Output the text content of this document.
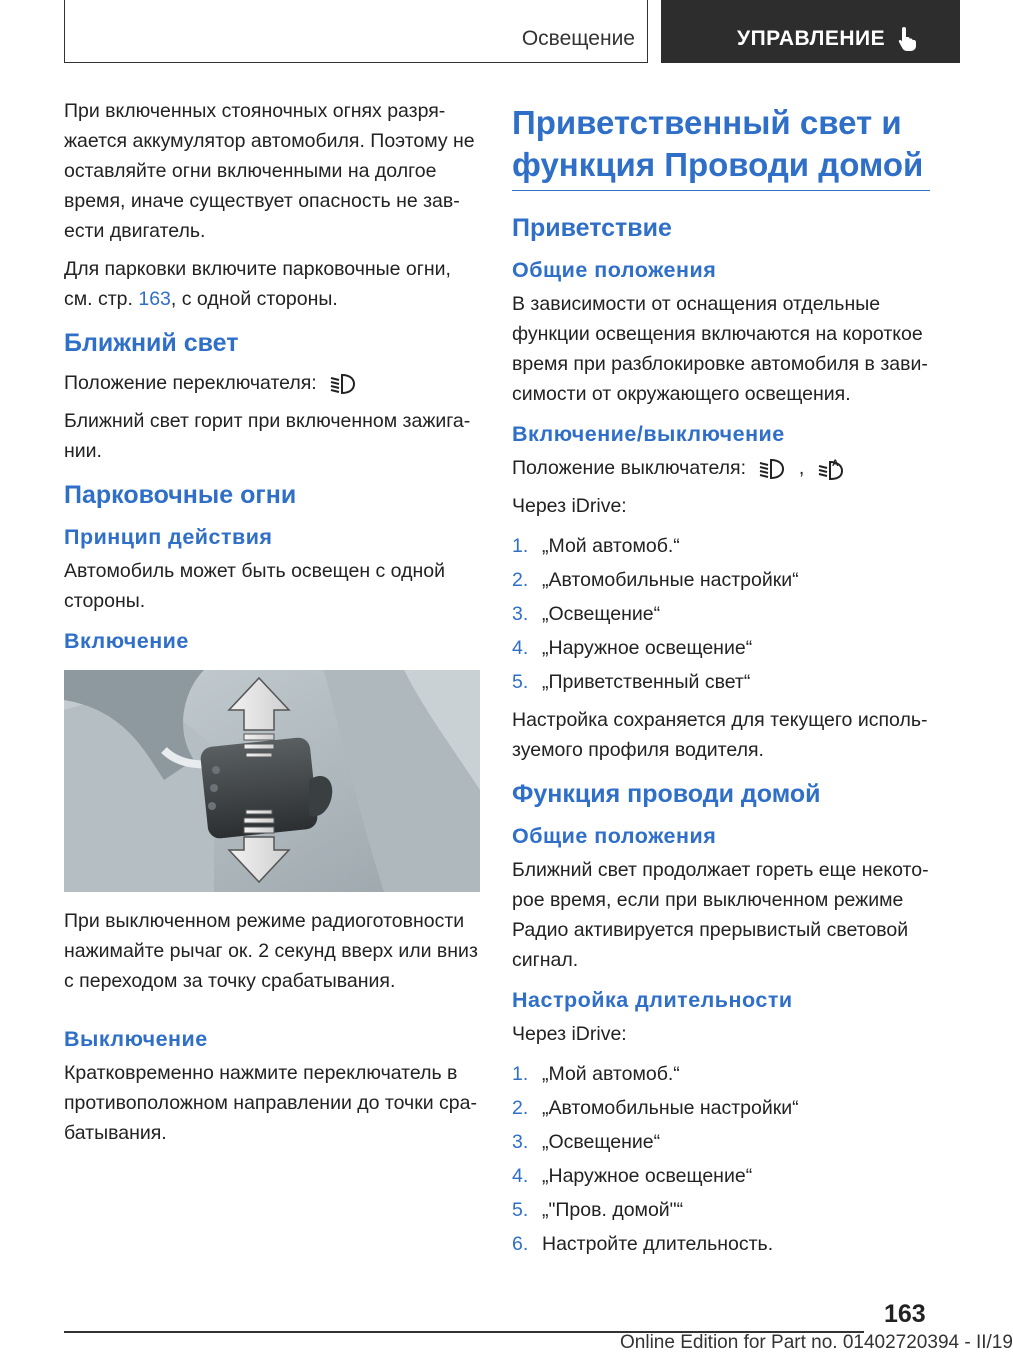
Освещение	УПРАВЛЕНИЕ

При включенных стояночных огнях разряжается аккумулятор автомобиля. Поэтому не оставляйте огни включенными на долгое время, иначе существует опасность не завести двигатель.

Для парковки включите парковочные огни, см. стр. 163, с одной стороны.

Ближний свет

Положение переключателя:

Ближний свет горит при включенном зажигании.

Парковочные огни
Принцип действия

Автомобиль может быть освещен с одной стороны.

Включение

При выключенном режиме радиоготовности нажимайте рычаг ок. 2 секунд вверх или вниз с переходом за точку срабатывания.

Выключение

Кратковременно нажмите переключатель в противоположном направлении до точки срабатывания.

Приветственный свет и функция Проводи домой
Приветствие
Общие положения

В зависимости от оснащения отдельные функции освещения включаются на короткое время при разблокировке автомобиля в зависимости от окружающего освещения.

Включение/выключение

Положение выключателя:	,	A

Через iDrive:

1. „Мой автомоб.“
2. „Автомобильные настройки“
3. „Освещение“
4. „Наружное освещение“
5. „Приветственный свет“

Настройка сохраняется для текущего используемого профиля водителя.

Функция проводи домой
Общие положения

Ближний свет продолжает гореть еще некоторое время, если при выключенном режиме Радио активируется прерывистый световой сигнал.

Настройка длительности

Через iDrive:

1. „Мой автомоб.“
2. „Автомобильные настройки“
3. „Освещение“
4. „Наружное освещение“
5. „"Пров. домой"“
6. Настройте длительность.
163
Online Edition for Part no. 01402720394 - II/19
